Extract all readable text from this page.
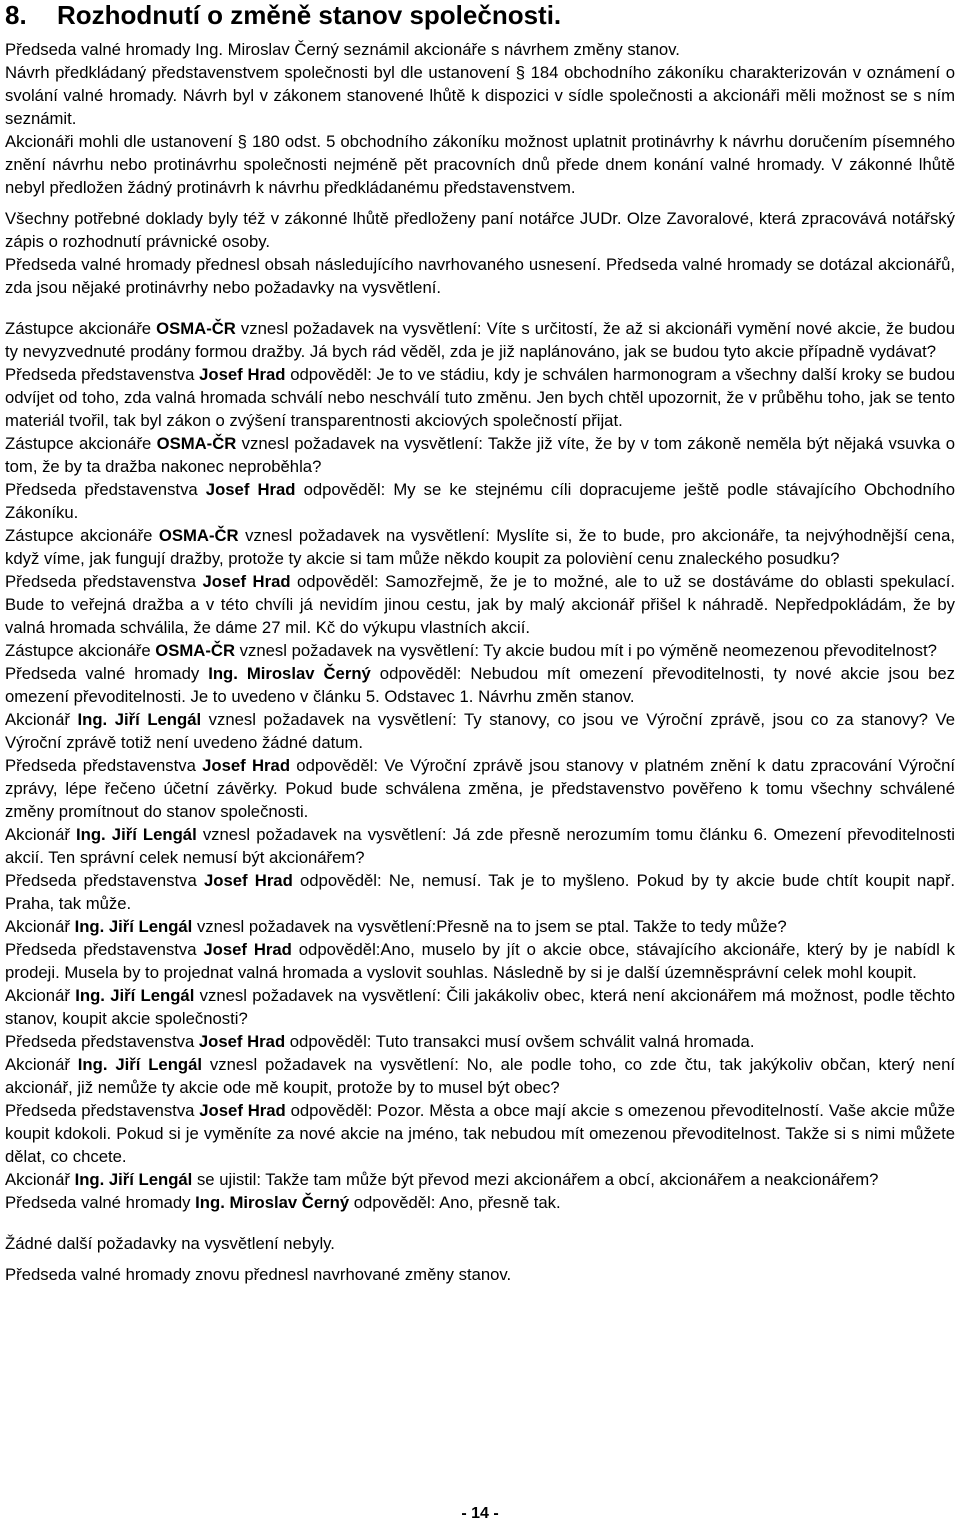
8.	Rozhodnutí o změně stanov společnosti.

Předseda valné hromady Ing. Miroslav Černý seznámil akcionáře s návrhem změny stanov.

Návrh předkládaný představenstvem společnosti byl dle ustanovení § 184 obchodního zákoníku charakterizován v oznámení o svolání valné hromady. Návrh byl v zákonem stanovené lhůtě k dispozici v sídle společnosti a akcionáři měli možnost se s ním seznámit.

Akcionáři mohli dle ustanovení § 180 odst. 5 obchodního zákoníku možnost uplatnit protinávrhy k návrhu doručením písemného znění návrhu nebo protinávrhu společnosti nejméně pět pracovních dnů přede dnem konání valné hromady. V zákonné lhůtě nebyl předložen žádný protinávrh k návrhu předkládanému představenstvem.

Všechny potřebné doklady byly též v zákonné lhůtě předloženy paní notářce JUDr. Olze Zavoralové, která zpracovává notářský zápis o rozhodnutí právnické osoby.

Předseda valné hromady přednesl obsah následujícího navrhovaného usnesení. Předseda valné hromady se dotázal akcionářů, zda jsou nějaké protinávrhy nebo požadavky na vysvětlení.

Zástupce akcionáře OSMA-ČR vznesl požadavek na vysvětlení: Víte s určitostí, že až si akcionáři vymění nové akcie, že budou ty nevyzvednuté prodány formou dražby. Já bych rád věděl, zda je již naplánováno, jak se budou tyto akcie případně vydávat?

Předseda představenstva Josef Hrad odpověděl: Je to ve stádiu, kdy je schválen harmonogram a všechny další kroky se budou odvíjet od toho, zda valná hromada schválí nebo neschválí tuto změnu. Jen bych chtěl upozornit, že v průběhu toho, jak se tento materiál tvořil, tak byl zákon o zvýšení transparentnosti akciových společností přijat.

Zástupce akcionáře OSMA-ČR vznesl požadavek na vysvětlení: Takže již víte, že by v tom zákoně neměla být nějaká vsuvka o tom, že by ta dražba nakonec neproběhla?

Předseda představenstva Josef Hrad odpověděl: My se ke stejnému cíli dopracujeme ještě podle stávajícího Obchodního Zákoníku.

Zástupce akcionáře OSMA-ČR vznesl požadavek na vysvětlení: Myslíte si, že to bude, pro akcionáře, ta nejvýhodnější cena, když víme, jak fungují dražby, protože ty akcie si tam může někdo koupit za polovièní cenu znaleckého posudku?

Předseda představenstva Josef Hrad odpověděl: Samozřejmě, že je to možné, ale to už se dostáváme do oblasti spekulací. Bude to veřejná dražba a v této chvíli já nevidím jinou cestu, jak by malý akcionář přišel k náhradě. Nepředpokládám, že by valná hromada schválila, že dáme 27 mil. Kč do výkupu vlastních akcií.

Zástupce akcionáře OSMA-ČR vznesl požadavek na vysvětlení: Ty akcie budou mít i po výměně neomezenou převoditelnost?

Předseda valné hromady Ing. Miroslav Černý odpověděl: Nebudou mít omezení převoditelnosti, ty nové akcie jsou bez omezení převoditelnosti. Je to uvedeno v článku 5. Odstavec 1. Návrhu změn stanov.

Akcionář Ing. Jiří Lengál vznesl požadavek na vysvětlení: Ty stanovy, co jsou ve Výroční zprávě, jsou co za stanovy? Ve Výroční zprávě totiž není uvedeno žádné datum.

Předseda představenstva Josef Hrad odpověděl: Ve Výroční zprávě jsou stanovy v platném znění k datu zpracování Výroční zprávy, lépe řečeno účetní závěrky. Pokud bude schválena změna, je představenstvo pověřeno k tomu všechny schválené změny promítnout do stanov společnosti.

Akcionář Ing. Jiří Lengál vznesl požadavek na vysvětlení: Já zde přesně nerozumím tomu článku 6. Omezení převoditelnosti akcií. Ten správní celek nemusí být akcionářem?

Předseda představenstva Josef Hrad odpověděl: Ne, nemusí. Tak je to myšleno. Pokud by ty akcie bude chtít koupit např. Praha, tak může.

Akcionář Ing. Jiří Lengál vznesl požadavek na vysvětlení:Přesně na to jsem se ptal. Takže to tedy může?

Předseda představenstva Josef Hrad odpověděl:Ano, muselo by jít o akcie obce, stávajícího akcionáře, který by je nabídl k prodeji. Musela by to projednat valná hromada a vyslovit souhlas. Následně by si je další územněsprávní celek mohl koupit.

Akcionář Ing. Jiří Lengál vznesl požadavek na vysvětlení: Čili jakákoliv obec, která není akcionářem má možnost, podle těchto stanov, koupit akcie společnosti?

Předseda představenstva Josef Hrad odpověděl: Tuto transakci musí ovšem schválit valná hromada.

Akcionář Ing. Jiří Lengál vznesl požadavek na vysvětlení: No, ale podle toho, co zde čtu, tak jakýkoliv občan, který není akcionář, již nemůže ty akcie ode mě koupit, protože by to musel být obec?

Předseda představenstva Josef Hrad odpověděl: Pozor. Města a obce mají akcie s omezenou převoditelností. Vaše akcie může koupit kdokoli. Pokud si je vyměníte za nové akcie na jméno, tak nebudou mít omezenou převoditelnost. Takže si s nimi můžete dělat, co chcete.

Akcionář Ing. Jiří Lengál se ujistil: Takže tam může být převod mezi akcionářem a obcí, akcionářem a neakcionářem?

Předseda valné hromady Ing. Miroslav Černý odpověděl: Ano, přesně tak.

Žádné další požadavky na vysvětlení nebyly.

Předseda valné hromady znovu přednesl navrhované změny stanov.

- 14 -
